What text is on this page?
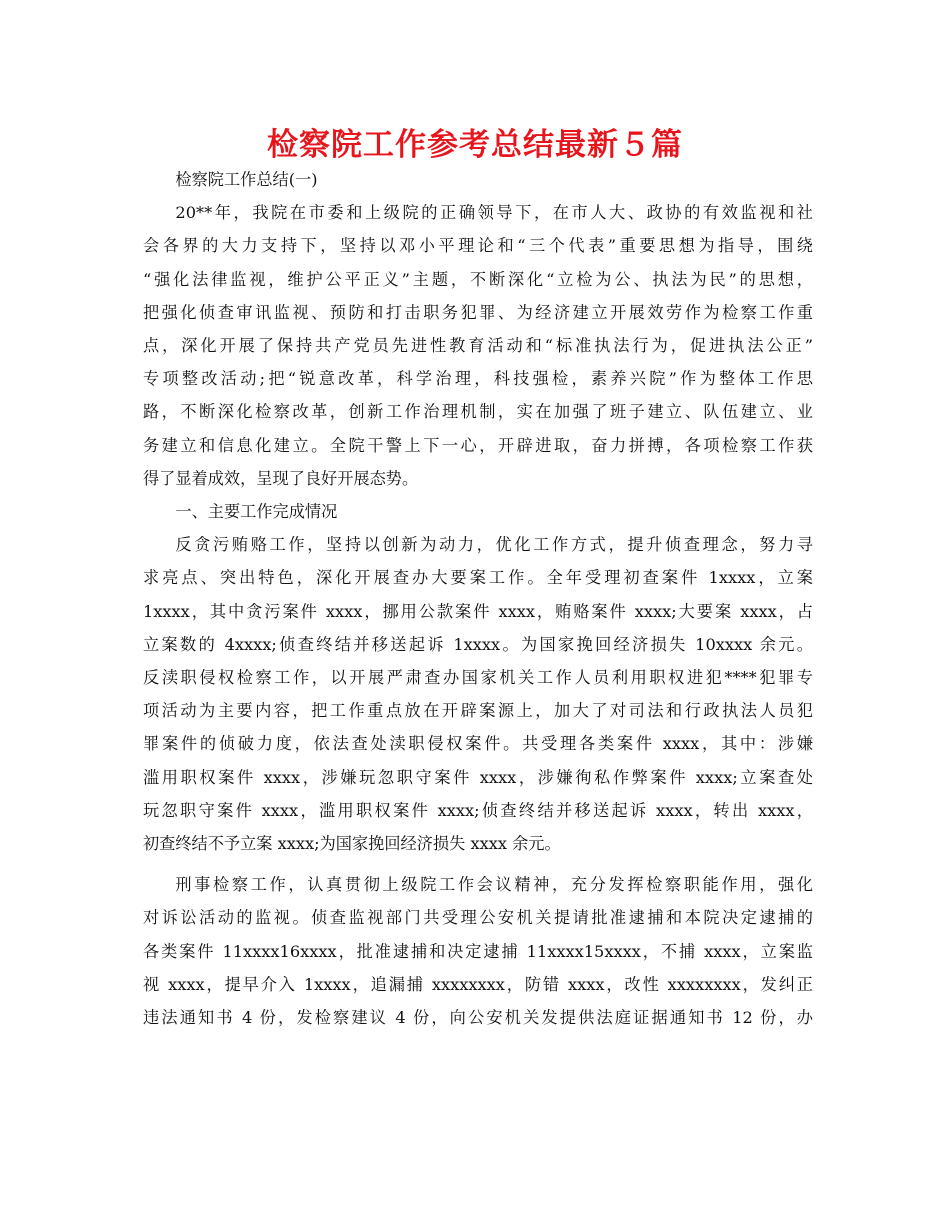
检察院工作参考总结最新５篇

检察院工作总结(一)

20**年，我院在市委和上级院的正确领导下，在市人大、政协的有效监视和社
会各界的大力支持下，坚持以邓小平理论和“三个代表”重要思想为指导，围绕
“强化法律监视，维护公平正义”主题，不断深化“立检为公、执法为民”的思想，
把强化侦查审讯监视、预防和打击职务犯罪、为经济建立开展效劳作为检察工作重
点，深化开展了保持共产党员先进性教育活动和“标准执法行为，促进执法公正”
专项整改活动;把“锐意改革，科学治理，科技强检，素养兴院”作为整体工作思
路，不断深化检察改革，创新工作治理机制，实在加强了班子建立、队伍建立、业
务建立和信息化建立。全院干警上下一心，开辟进取，奋力拼搏，各项检察工作获
得了显着成效，呈现了良好开展态势。

一、主要工作完成情况

反贪污贿赂工作，坚持以创新为动力，优化工作方式，提升侦查理念，努力寻
求亮点、突出特色，深化开展查办大要案工作。全年受理初查案件 1xxxx，立案
1xxxx，其中贪污案件 xxxx，挪用公款案件 xxxx，贿赂案件 xxxx;大要案 xxxx，占
立案数的 4xxxx;侦查终结并移送起诉 1xxxx。为国家挽回经济损失 10xxxx 余元。
反渎职侵权检察工作，以开展严肃查办国家机关工作人员利用职权进犯****犯罪专
项活动为主要内容，把工作重点放在开辟案源上，加大了对司法和行政执法人员犯
罪案件的侦破力度，依法查处渎职侵权案件。共受理各类案件 xxxx，其中：涉嫌
滥用职权案件 xxxx，涉嫌玩忽职守案件 xxxx，涉嫌徇私作弊案件 xxxx;立案查处
玩忽职守案件 xxxx，滥用职权案件 xxxx;侦查终结并移送起诉 xxxx，转出 xxxx，
初查终结不予立案 xxxx;为国家挽回经济损失 xxxx 余元。

刑事检察工作，认真贯彻上级院工作会议精神，充分发挥检察职能作用，强化
对诉讼活动的监视。侦查监视部门共受理公安机关提请批准逮捕和本院决定逮捕的
各类案件 11xxxx16xxxx，批准逮捕和决定逮捕 11xxxx15xxxx，不捕 xxxx，立案监
视 xxxx，提早介入 1xxxx，追漏捕 xxxxxxxx，防错 xxxx，改性 xxxxxxxx，发纠正
违法通知书 4 份，发检察建议 4 份，向公安机关发提供法庭证据通知书 12 份，办
